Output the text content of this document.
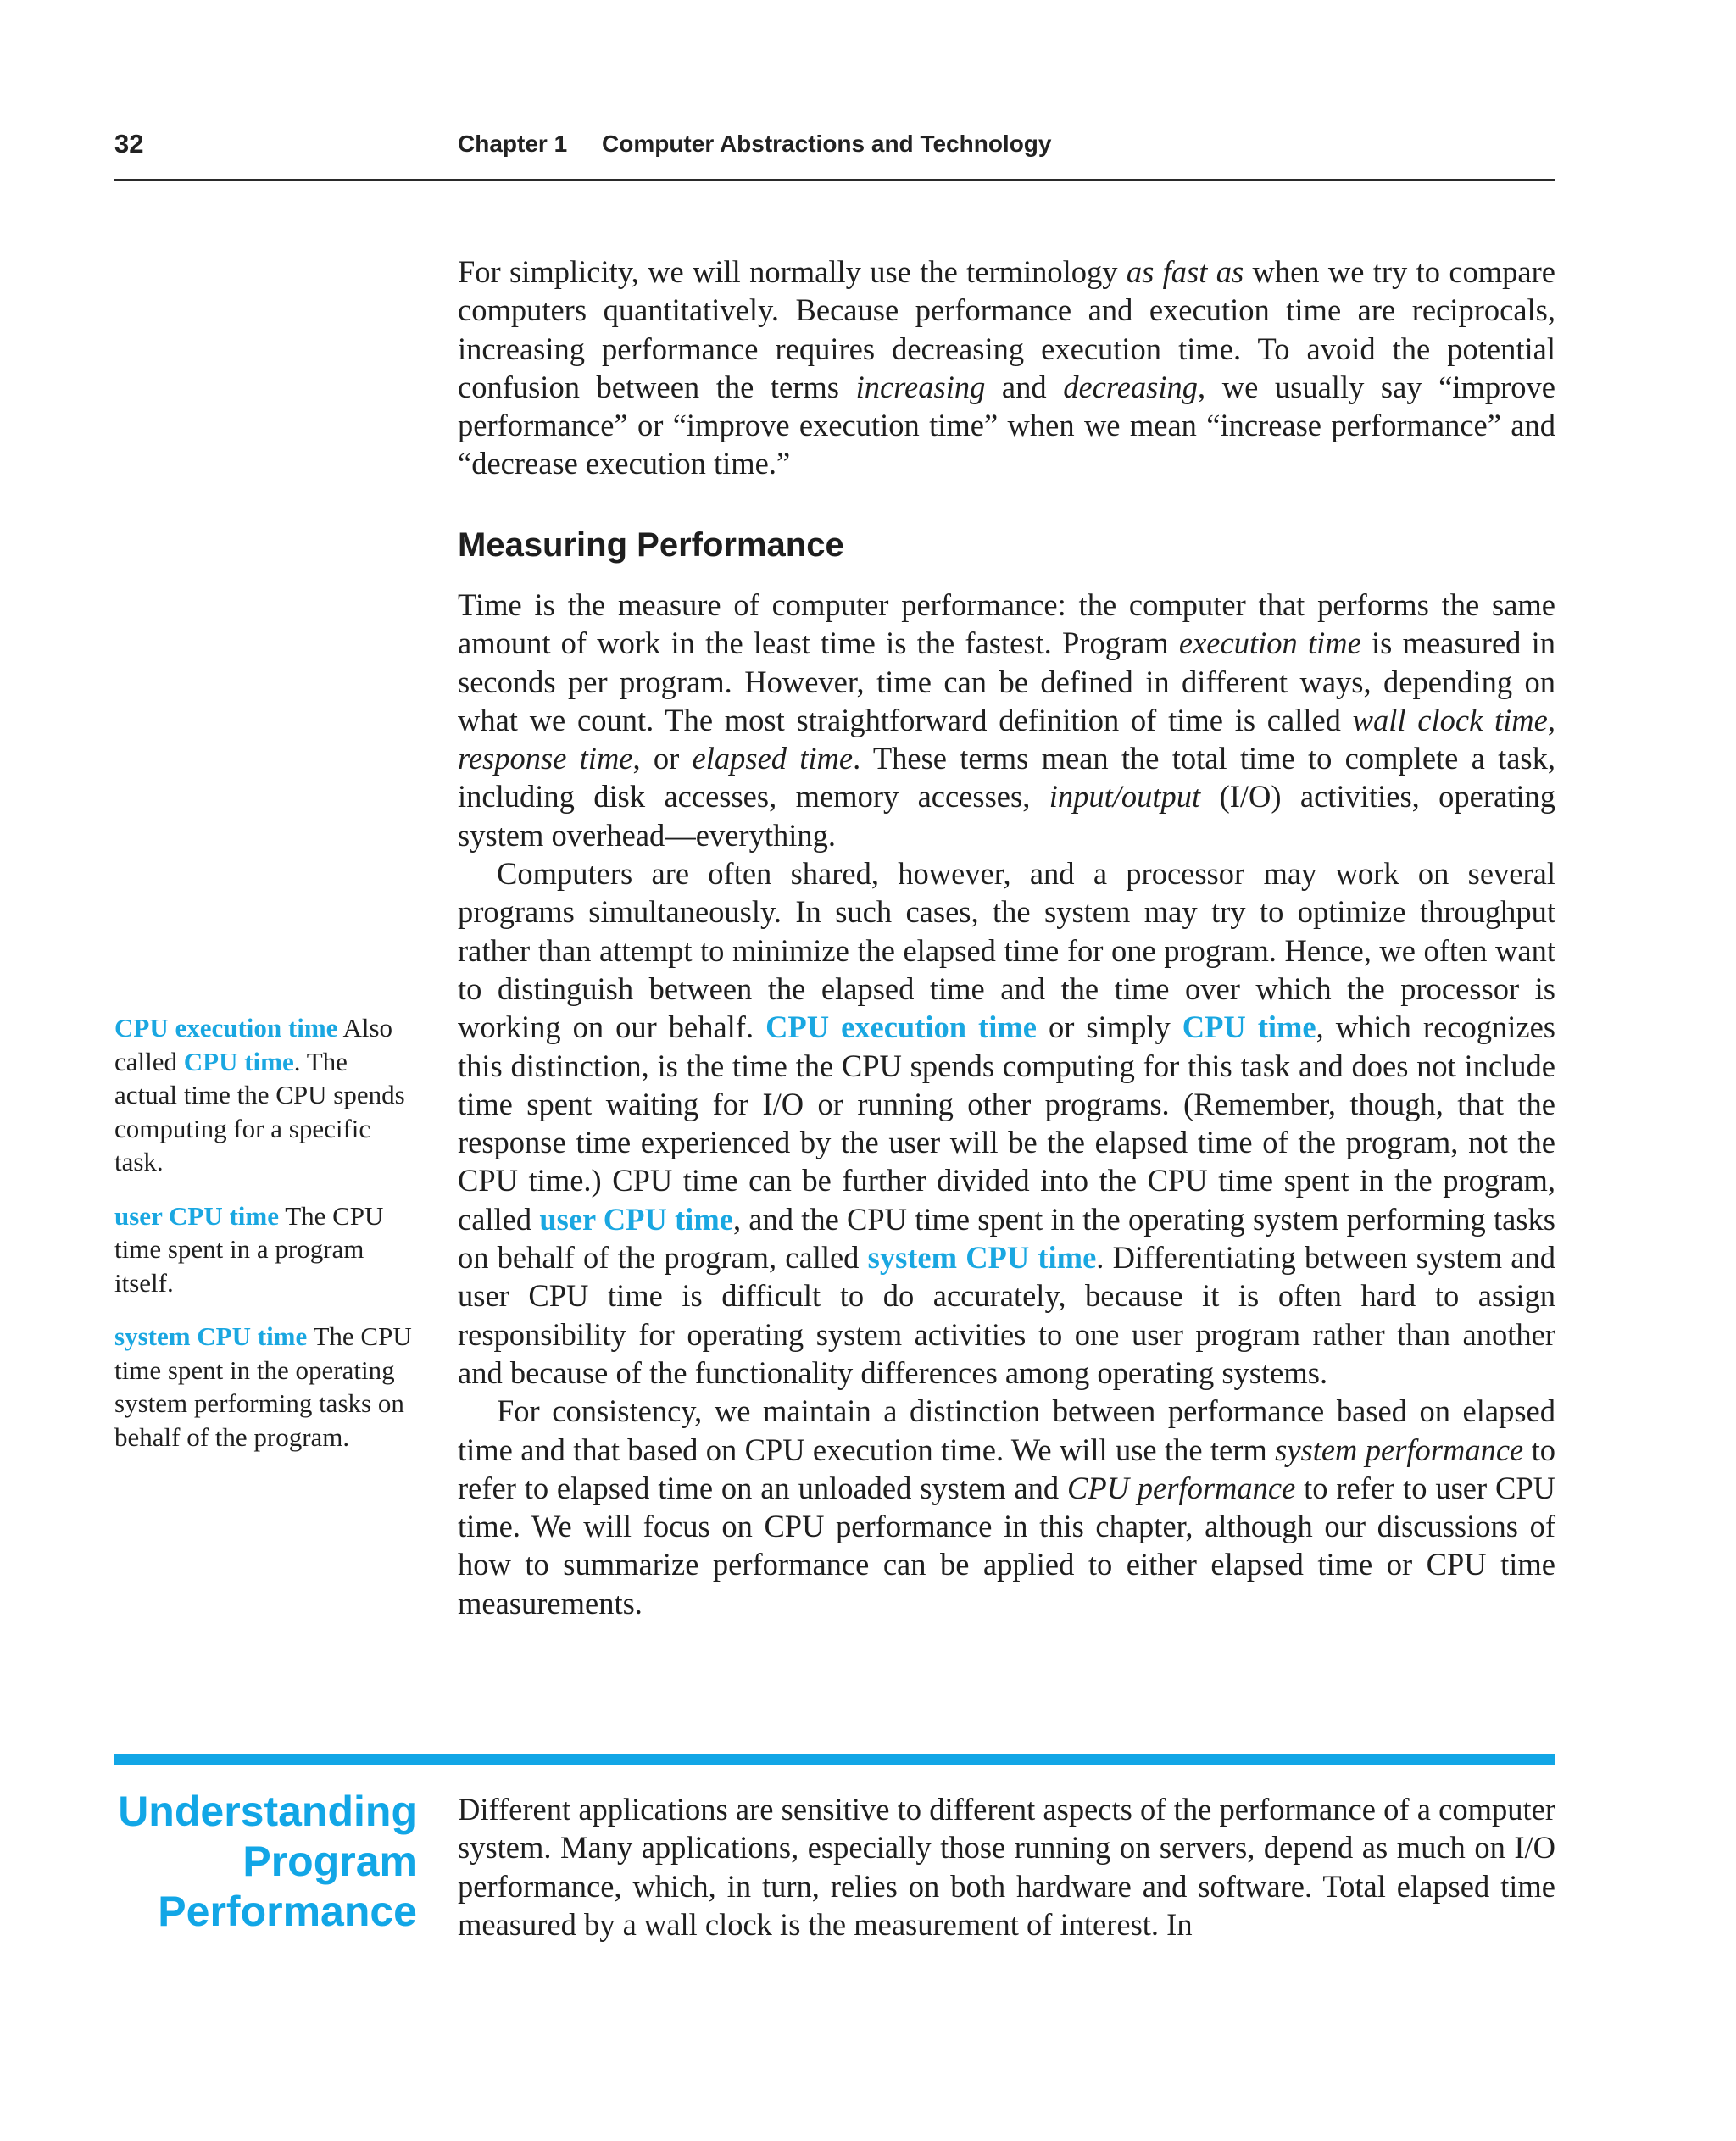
32	Chapter 1 Computer Abstractions and Technology

For simplicity, we will normally use the terminology as fast as when we try to compare computers quantitatively. Because performance and execution time are reciprocals, increasing performance requires decreasing execution time. To avoid the potential confusion between the terms increasing and decreasing, we usually say “improve performance” or “improve execution time” when we mean “increase performance” and “decrease execution time.”

Measuring Performance

Time is the measure of computer performance: the computer that performs the same amount of work in the least time is the fastest. Program execution time is measured in seconds per program. However, time can be defined in different ways, depending on what we count. The most straightforward definition of time is called wall clock time, response time, or elapsed time. These terms mean the total time to complete a task, including disk accesses, memory accesses, input/output (I/O) activities, operating system overhead—everything.

Computers are often shared, however, and a processor may work on several programs simultaneously. In such cases, the system may try to optimize throughput rather than attempt to minimize the elapsed time for one program. Hence, we often want to distinguish between the elapsed time and the time over which the processor is working on our behalf. CPU execution time or simply CPU time, which recognizes this distinction, is the time the CPU spends computing for this task and does not include time spent waiting for I/O or running other programs. (Remember, though, that the response time experienced by the user will be the elapsed time of the program, not the CPU time.) CPU time can be further divided into the CPU time spent in the program, called user CPU time, and the CPU time spent in the operating system performing tasks on behalf of the program, called system CPU time. Differentiating between system and user CPU time is difficult to do accurately, because it is often hard to assign responsibility for operating system activities to one user program rather than another and because of the functionality differences among operating systems.

For consistency, we maintain a distinction between performance based on elapsed time and that based on CPU execution time. We will use the term system performance to refer to elapsed time on an unloaded system and CPU performance to refer to user CPU time. We will focus on CPU performance in this chapter, although our discussions of how to summarize performance can be applied to either elapsed time or CPU time measurements.

CPU execution time Also called CPU time. The actual time the CPU spends computing for a specific task.

user CPU time The CPU time spent in a program itself.

system CPU time The CPU time spent in the operating system performing tasks on behalf of the program.

Understanding
Program
Performance

Different applications are sensitive to different aspects of the performance of a computer system. Many applications, especially those running on servers, depend as much on I/O performance, which, in turn, relies on both hardware and software. Total elapsed time measured by a wall clock is the measurement of interest. In
